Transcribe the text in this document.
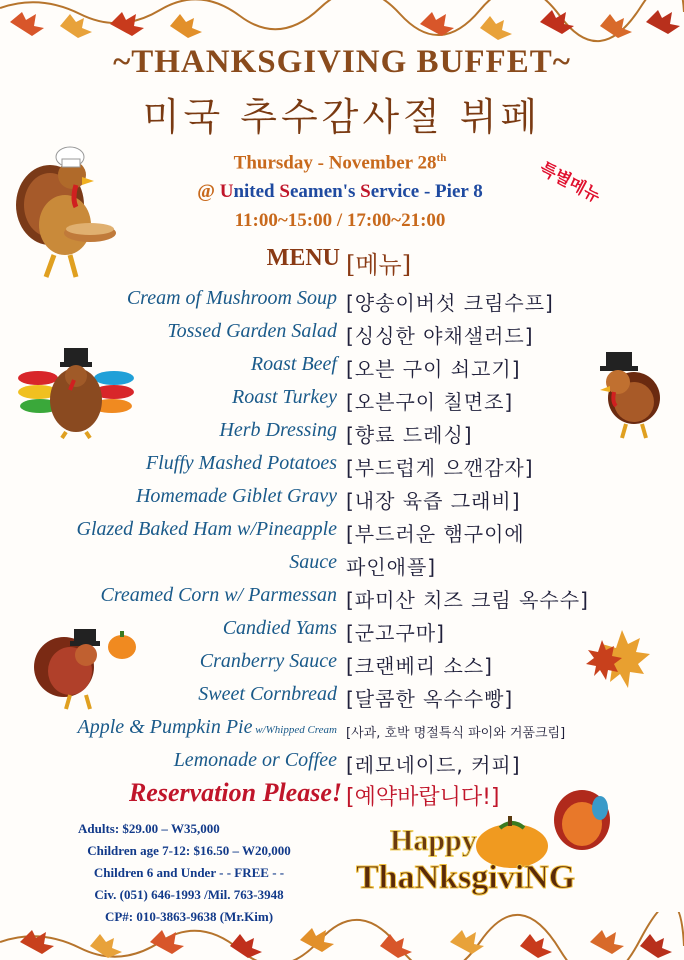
~THANKSGIVING BUFFET~
미국 추수감사절 뷔페
Thursday - November 28th
@ United Seamen's Service - Pier 8
11:00~15:00 / 17:00~21:00
특별메뉴
MENU [메뉴]
Cream of Mushroom Soup [양송이버섯 크림수프]
Tossed Garden Salad [싱싱한 야채샐러드]
Roast Beef [오븐 구이 쇠고기]
Roast Turkey [오븐구이 칠면조]
Herb Dressing [향료 드레싱]
Fluffy Mashed Potatoes [부드럽게 으깬감자]
Homemade Giblet Gravy [내장 육즙 그래비]
Glazed Baked Ham w/Pineapple [부드러운 햄구이에
Sauce 파인애플]
Creamed Corn w/ Parmessan [파미산 치즈 크림 옥수수]
Candied Yams [군고구마]
Cranberry Sauce [크랜베리 소스]
Sweet Cornbread [달콤한 옥수수빵]
Apple & Pumpkin Pie w/Whipped Cream [사과, 호박 명절특식 파이와 거품크림]
Lemonade or Coffee [레모네이드, 커피]
Reservation Please! [예약바랍니다!]
Adults: $29.00 – W35,000
Children age 7-12: $16.50 – W20,000
Children 6 and Under - - FREE - -
Civ. (051) 646-1993 /Mil. 763-3948
CP#: 010-3863-9638 (Mr.Kim)
Happy
ThaNksgiviNG
